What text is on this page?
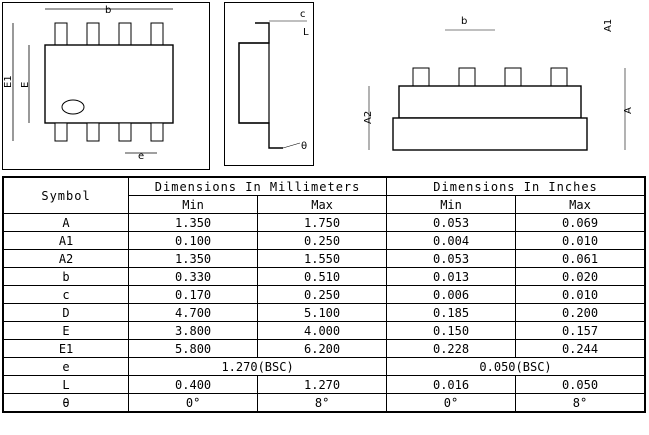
b
E1 E
e
c
L
θ
b	A1
A2
A
Symbol	Dimensions In Millimeters		Dimensions In Inches	
	Min	Max	Min	Max
A	1.350	1.750	0.053	0.069
A1	0.100	0.250	0.004	0.010
A2	1.350	1.550	0.053	0.061
b	0.330	0.510	0.013	0.020
c	0.170	0.250	0.006	0.010
D	4.700	5.100	0.185	0.200
E	3.800	4.000	0.150	0.157
E1	5.800	6.200	0.228	0.244
e	1.270(BSC)		0.050(BSC)	
L	0.400	1.270	0.016	0.050
θ	0°	8°	0°	8°
